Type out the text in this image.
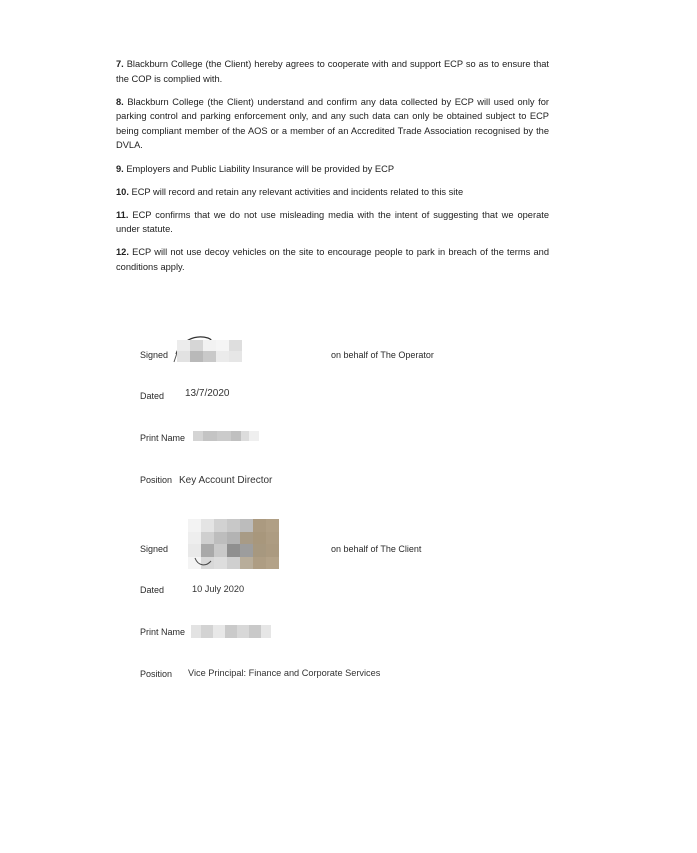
7. Blackburn College (the Client) hereby agrees to cooperate with and support ECP so as to ensure that the COP is complied with.

8. Blackburn College (the Client) understand and confirm any data collected by ECP will used only for parking control and parking enforcement only, and any such data can only be obtained subject to ECP being compliant member of the AOS or a member of an Accredited Trade Association recognised by the DVLA.

9. Employers and Public Liability Insurance will be provided by ECP

10. ECP will record and retain any relevant activities and incidents related to this site

11. ECP confirms that we do not use misleading media with the intent of suggesting that we operate under statute.

12. ECP will not use decoy vehicles on the site to encourage people to park in breach of the terms and conditions apply.

Signed	on behalf of The Operator
Dated 13/7/2020
Print Name
Position Key Account Director
Signed	on behalf of The Client
Dated	10 July 2020
Print Name
Position Vice Principal: Finance and Corporate Services
